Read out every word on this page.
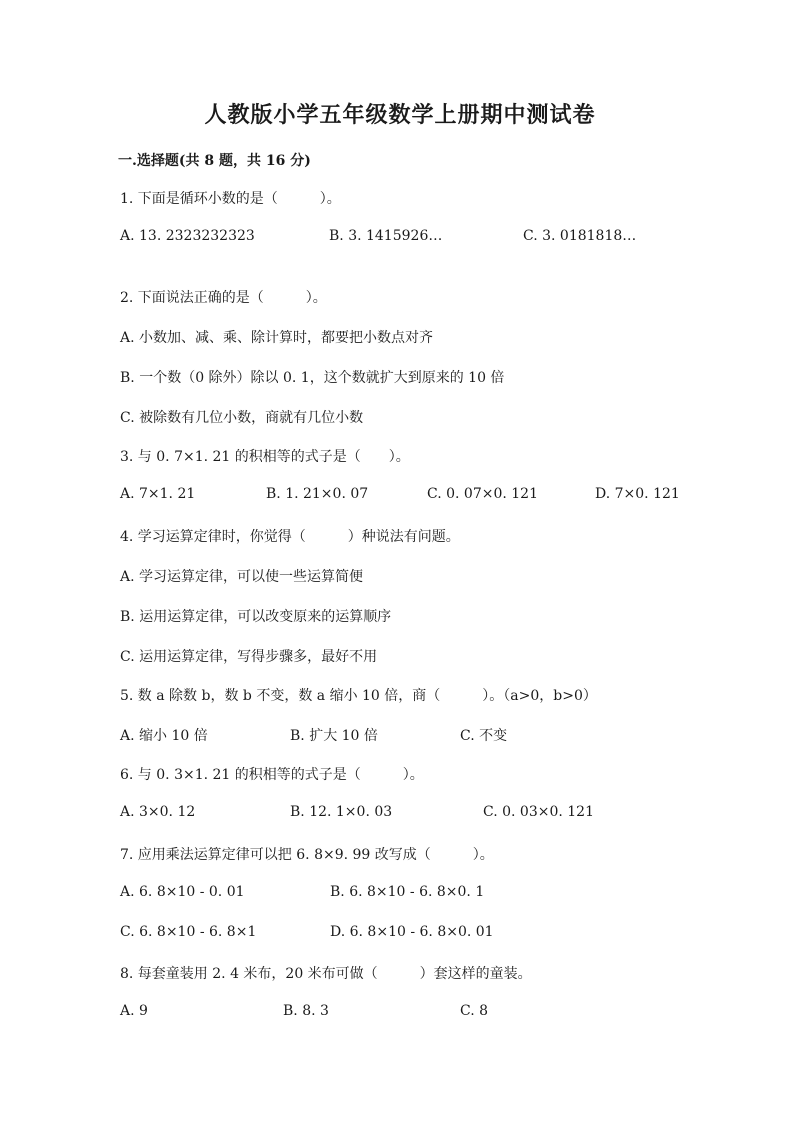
人教版小学五年级数学上册期中测试卷
一.选择题(共 8 题，共 16 分)
1. 下面是循环小数的是（　　　）。
A. 13. 2323232323	B. 3. 1415926…	C. 3. 0181818…
2. 下面说法正确的是（　　　）。
A. 小数加、减、乘、除计算时，都要把小数点对齐
B. 一个数（0 除外）除以 0. 1，这个数就扩大到原来的 10 倍
C. 被除数有几位小数，商就有几位小数
3. 与 0. 7×1. 21 的积相等的式子是（　　）。
A. 7×1. 21	B. 1. 21×0. 07	C. 0. 07×0. 121	D. 7×0. 121
4. 学习运算定律时，你觉得（　　　）种说法有问题。
A. 学习运算定律，可以使一些运算简便
B. 运用运算定律，可以改变原来的运算顺序
C. 运用运算定律，写得步骤多，最好不用
5. 数 a 除数 b，数 b 不变，数 a 缩小 10 倍，商（　　　）。（a>0，b>0）
A. 缩小 10 倍	B. 扩大 10 倍	C. 不变
6. 与 0. 3×1. 21 的积相等的式子是（　　　）。
A. 3×0. 12	B. 12. 1×0. 03	C. 0. 03×0. 121
7. 应用乘法运算定律可以把 6. 8×9. 99 改写成（　　　）。
A. 6. 8×10 - 0. 01	B. 6. 8×10 - 6. 8×0. 1
C. 6. 8×10 - 6. 8×1	D. 6. 8×10 - 6. 8×0. 01
8. 每套童装用 2. 4 米布，20 米布可做（　　　）套这样的童装。
A. 9	B. 8. 3	C. 8
